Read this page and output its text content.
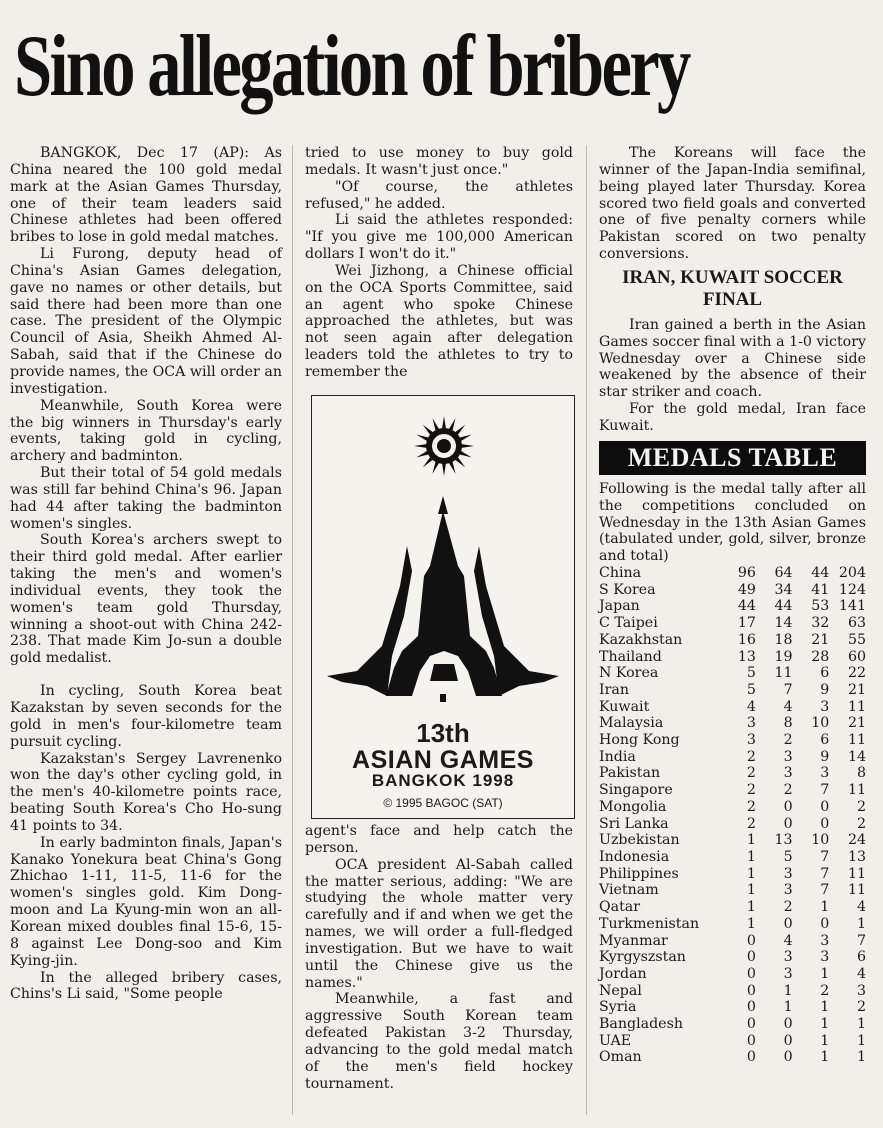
Sino allegation of bribery

BANGKOK, Dec 17 (AP): As China neared the 100 gold medal mark at the Asian Games Thursday, one of their team leaders said Chinese athletes had been offered bribes to lose in gold medal matches.

Li Furong, deputy head of China's Asian Games delegation, gave no names or other details, but said there had been more than one case. The president of the Olympic Council of Asia, Sheikh Ahmed Al-Sabah, said that if the Chinese do provide names, the OCA will order an investigation.

Meanwhile, South Korea were the big winners in Thursday's early events, taking gold in cycling, archery and badminton.

But their total of 54 gold medals was still far behind China's 96. Japan had 44 after taking the badminton women's singles.

South Korea's archers swept to their third gold medal. After earlier taking the men's and women's individual events, they took the women's team gold Thursday, winning a shoot-out with China 242-238. That made Kim Jo-sun a double gold medalist.

In cycling, South Korea beat Kazakstan by seven seconds for the gold in men's four-kilometre team pursuit cycling.

Kazakstan's Sergey Lavrenenko won the day's other cycling gold, in the men's 40-kilometre points race, beating South Korea's Cho Ho-sung 41 points to 34.

In early badminton finals, Japan's Kanako Yonekura beat China's Gong Zhichao 1-11, 11-5, 11-6 for the women's singles gold. Kim Dong-moon and La Kyung-min won an all-Korean mixed doubles final 15-6, 15-8 against Lee Dong-soo and Kim Kying-jin.

In the alleged bribery cases, Chins's Li said, "Some people

tried to use money to buy gold medals. It wasn't just once."

"Of course, the athletes refused," he added.

Li said the athletes responded: "If you give me 100,000 American dollars I won't do it."

Wei Jizhong, a Chinese official on the OCA Sports Committee, said an agent who spoke Chinese approached the athletes, but was not seen again after delegation leaders told the athletes to try to remember the

13th
ASIAN GAMES
BANGKOK 1998
© 1995 BAGOC (SAT)

agent's face and help catch the person.

OCA president Al-Sabah called the matter serious, adding: "We are studying the whole matter very carefully and if and when we get the names, we will order a full-fledged investigation. But we have to wait until the Chinese give us the names."

Meanwhile, a fast and aggressive South Korean team defeated Pakistan 3-2 Thursday, advancing to the gold medal match of the men's field hockey tournament.

The Koreans will face the winner of the Japan-India semifinal, being played later Thursday. Korea scored two field goals and converted one of five penalty corners while Pakistan scored on two penalty conversions.

IRAN, KUWAIT SOCCER FINAL

Iran gained a berth in the Asian Games soccer final with a 1-0 victory Wednesday over a Chinese side weakened by the absence of their star striker and coach.

For the gold medal, Iran face Kuwait.

MEDALS TABLE

Following is the medal tally after all the competitions concluded on Wednesday in the 13th Asian Games (tabulated under, gold, silver, bronze and total)

China	96	64	44	204
S Korea	49	34	41	124
Japan	44	44	53	141
C Taipei	17	14	32	63
Kazakhstan	16	18	21	55
Thailand	13	19	28	60
N Korea	5	11	6	22
Iran	5	7	9	21
Kuwait	4	4	3	11
Malaysia	3	8	10	21
Hong Kong	3	2	6	11
India	2	3	9	14
Pakistan	2	3	3	8
Singapore	2	2	7	11
Mongolia	2	0	0	2
Sri Lanka	2	0	0	2
Uzbekistan	1	13	10	24
Indonesia	1	5	7	13
Philippines	1	3	7	11
Vietnam	1	3	7	11
Qatar	1	2	1	4
Turkmenistan	1	0	0	1
Myanmar	0	4	3	7
Kyrgyszstan	0	3	3	6
Jordan	0	3	1	4
Nepal	0	1	2	3
Syria	0	1	1	2
Bangladesh	0	0	1	1
UAE	0	0	1	1
Oman	0	0	1	1
